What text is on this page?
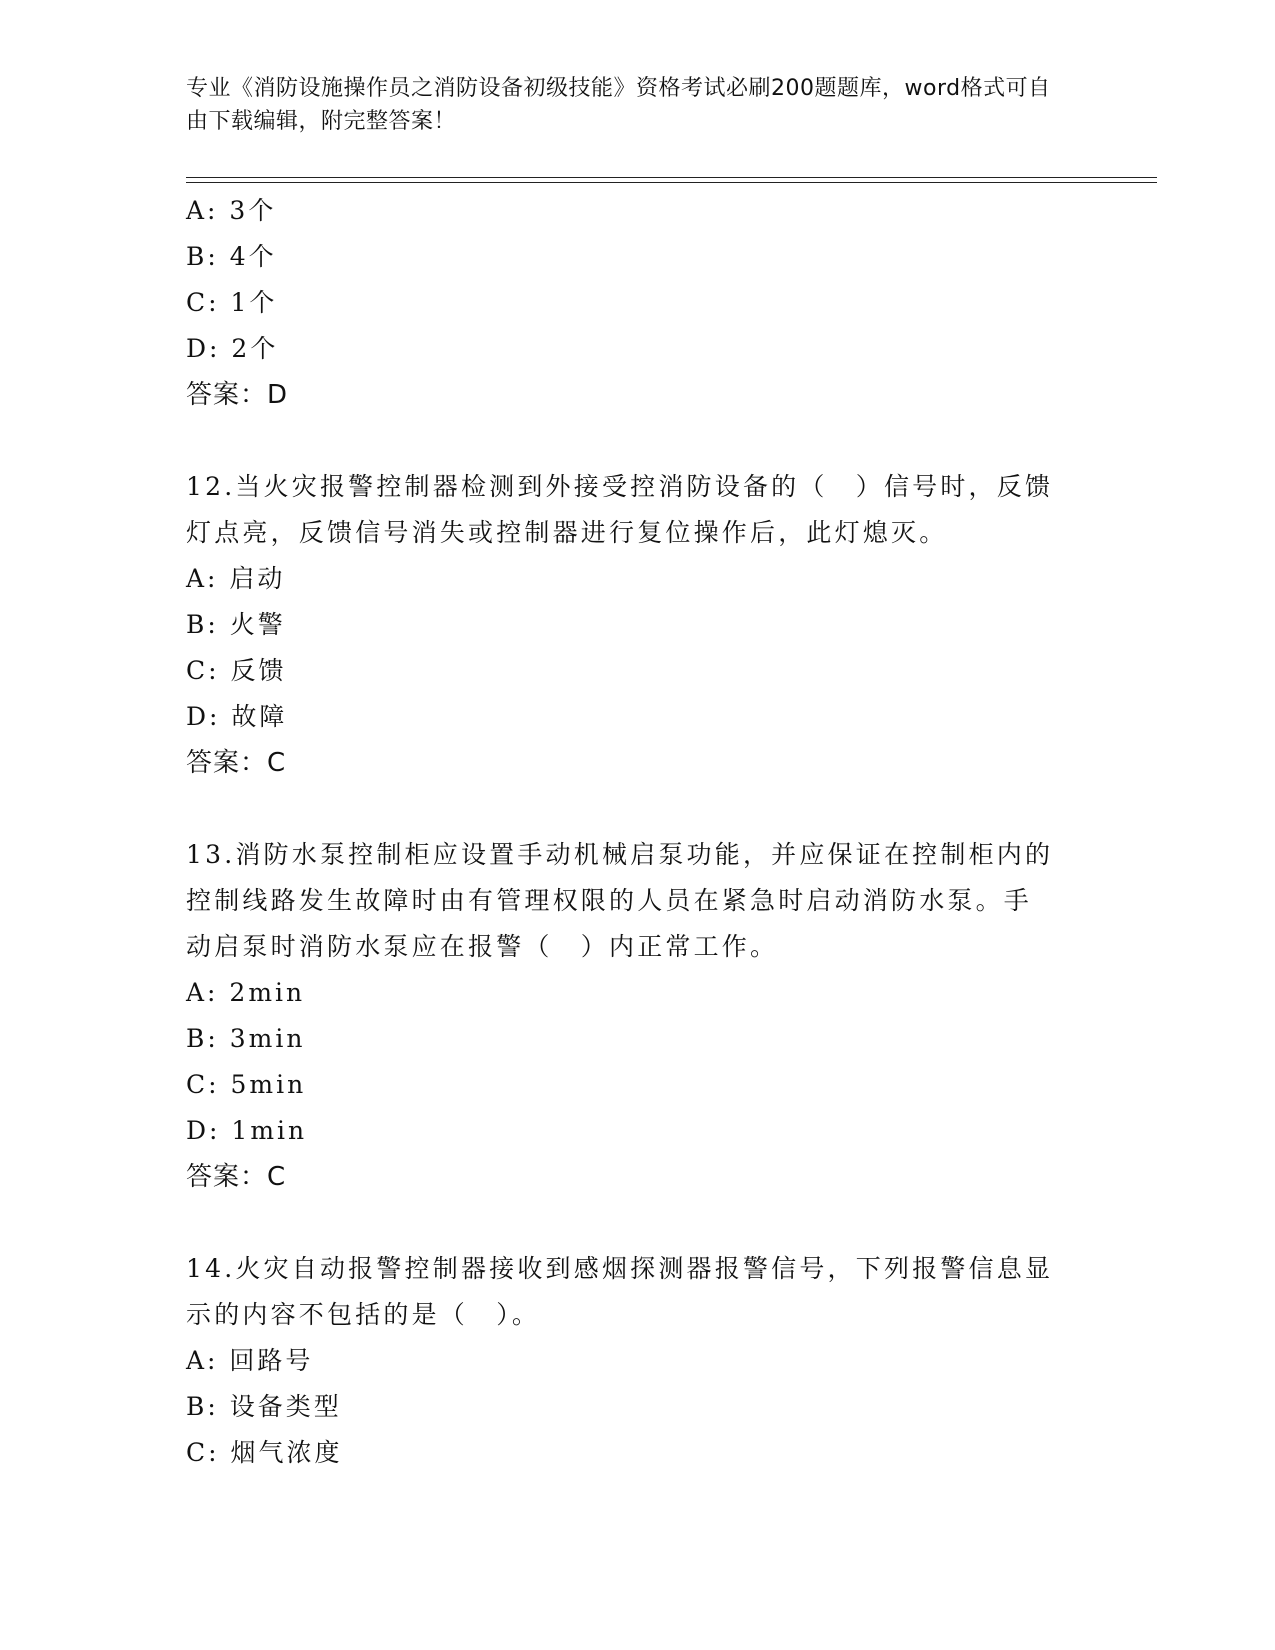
专业《消防设施操作员之消防设备初级技能》资格考试必刷200题题库，word格式可自由下载编辑，附完整答案！
A: 3个
B: 4个
C: 1个
D: 2个
答案：D
12.当火灾报警控制器检测到外接受控消防设备的（　）信号时，反馈
灯点亮，反馈信号消失或控制器进行复位操作后，此灯熄灭。
A: 启动
B: 火警
C: 反馈
D: 故障
答案：C
13.消防水泵控制柜应设置手动机械启泵功能，并应保证在控制柜内的
控制线路发生故障时由有管理权限的人员在紧急时启动消防水泵。手
动启泵时消防水泵应在报警（　）内正常工作。
A: 2min
B: 3min
C: 5min
D: 1min
答案：C
14.火灾自动报警控制器接收到感烟探测器报警信号，下列报警信息显
示的内容不包括的是（　）。
A: 回路号
B: 设备类型
C: 烟气浓度
